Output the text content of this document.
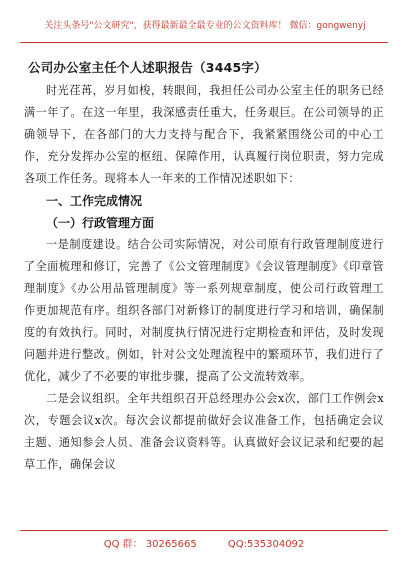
关注头条号"公文研究"，获得最新最全最专业的公文资料库！ 微信：gongwenyj
公司办公室主任个人述职报告（3445字）

时光荏苒，岁月如梭，转眼间，我担任公司办公室主任的职务已经满一年了。在这一年里，我深感责任重大，任务艰巨。在公司领导的正确领导下，在各部门的大力支持与配合下，我紧紧围绕公司的中心工作，充分发挥办公室的枢纽、保障作用，认真履行岗位职责，努力完成各项工作任务。现将本人一年来的工作情况述职如下：

一、工作完成情况
（一）行政管理方面

一是制度建设。结合公司实际情况，对公司原有行政管理制度进行了全面梳理和修订，完善了《公文管理制度》《会议管理制度》《印章管理制度》《办公用品管理制度》等一系列规章制度，使公司行政管理工作更加规范有序。组织各部门对新修订的制度进行学习和培训，确保制度的有效执行。同时，对制度执行情况进行定期检查和评估，及时发现问题并进行整改。例如，针对公文处理流程中的繁琐环节，我们进行了优化，减少了不必要的审批步骤，提高了公文流转效率。

二是会议组织。全年共组织召开总经理办公会x次，部门工作例会x次，专题会议x次。每次会议都提前做好会议准备工作，包括确定会议主题、通知参会人员、准备会议资料等。认真做好会议记录和纪要的起草工作，确保会议

QQ 群： 30265665	QQ:535304092
